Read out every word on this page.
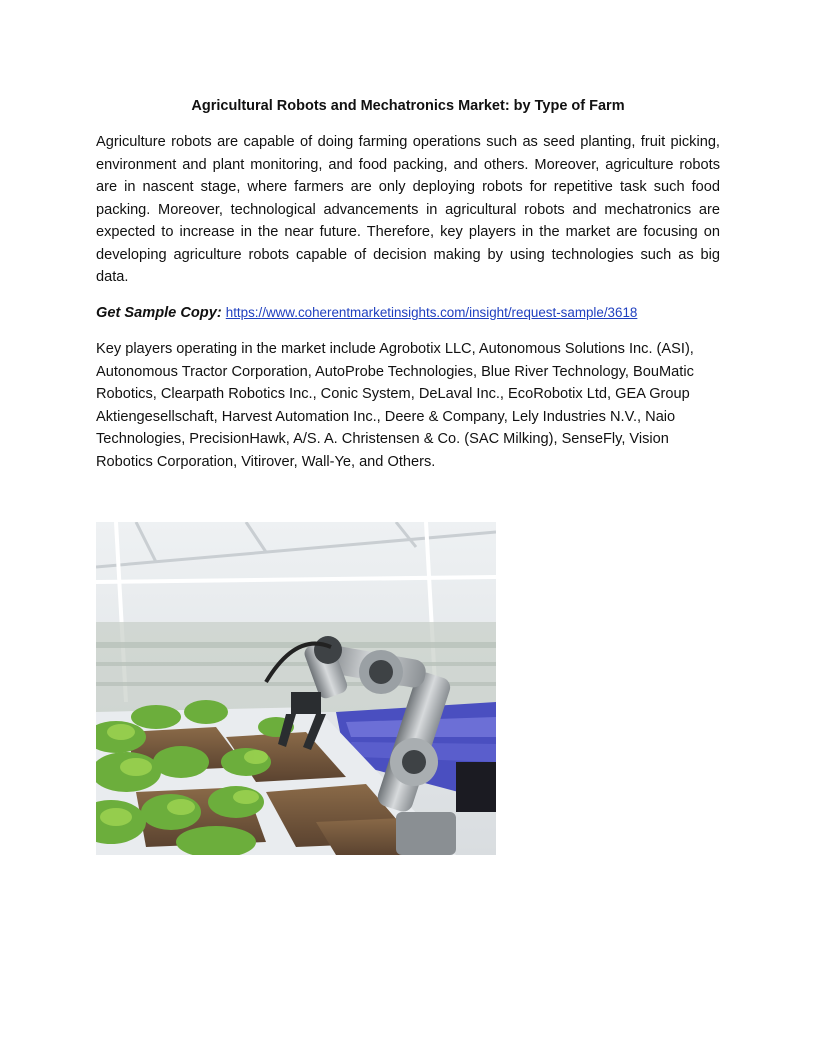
Agricultural Robots and Mechatronics Market: by Type of Farm

Agriculture robots are capable of doing farming operations such as seed planting, fruit picking, environment and plant monitoring, and food packing, and others. Moreover, agriculture robots are in nascent stage, where farmers are only deploying robots for repetitive task such food packing. Moreover, technological advancements in agricultural robots and mechatronics are expected to increase in the near future. Therefore, key players in the market are focusing on developing agriculture robots capable of decision making by using technologies such as big data.

Get Sample Copy: https://www.coherentmarketinsights.com/insight/request-sample/3618

Key players operating in the market include Agrobotix LLC, Autonomous Solutions Inc. (ASI), Autonomous Tractor Corporation, AutoProbe Technologies, Blue River Technology, BouMatic Robotics, Clearpath Robotics Inc., Conic System, DeLaval Inc., EcoRobotix Ltd, GEA Group Aktiengesellschaft, Harvest Automation Inc., Deere & Company, Lely Industries N.V., Naio Technologies, PrecisionHawk, A/S. A. Christensen & Co. (SAC Milking), SenseFly, Vision Robotics Corporation, Vitirover, Wall-Ye, and Others.
